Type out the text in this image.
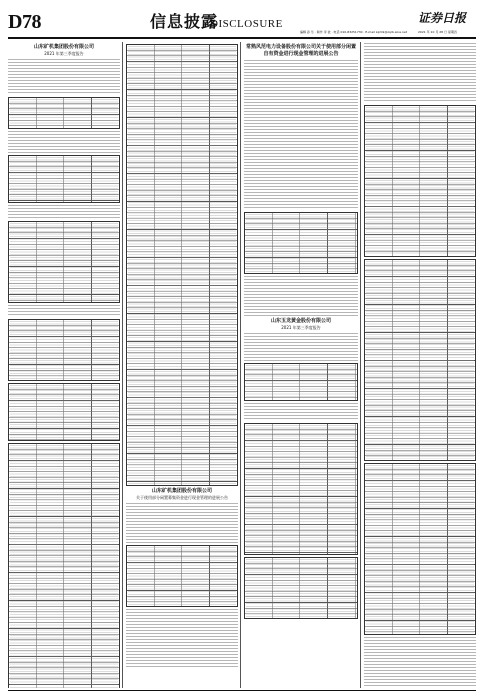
D78	信息披露
DISCLOSURE
编辑 孙 乐 · 制作 李 波 · 电话 010-83251730 · E-mail zqrb9@zqrb.sina.net
证券日报
2021 年 10 月 28 日 星期四
山东矿机集团股份有限公司
2021 年第三季度报告
山东矿机集团股份有限公司
关于使用部分闲置募集资金进行现金管理的进展公告
常熟风范电力设备股份有限公司关于使用部分闲置自有资金进行现金管理的进展公告
山东玉龙黄金股份有限公司
2021 年第三季度报告
